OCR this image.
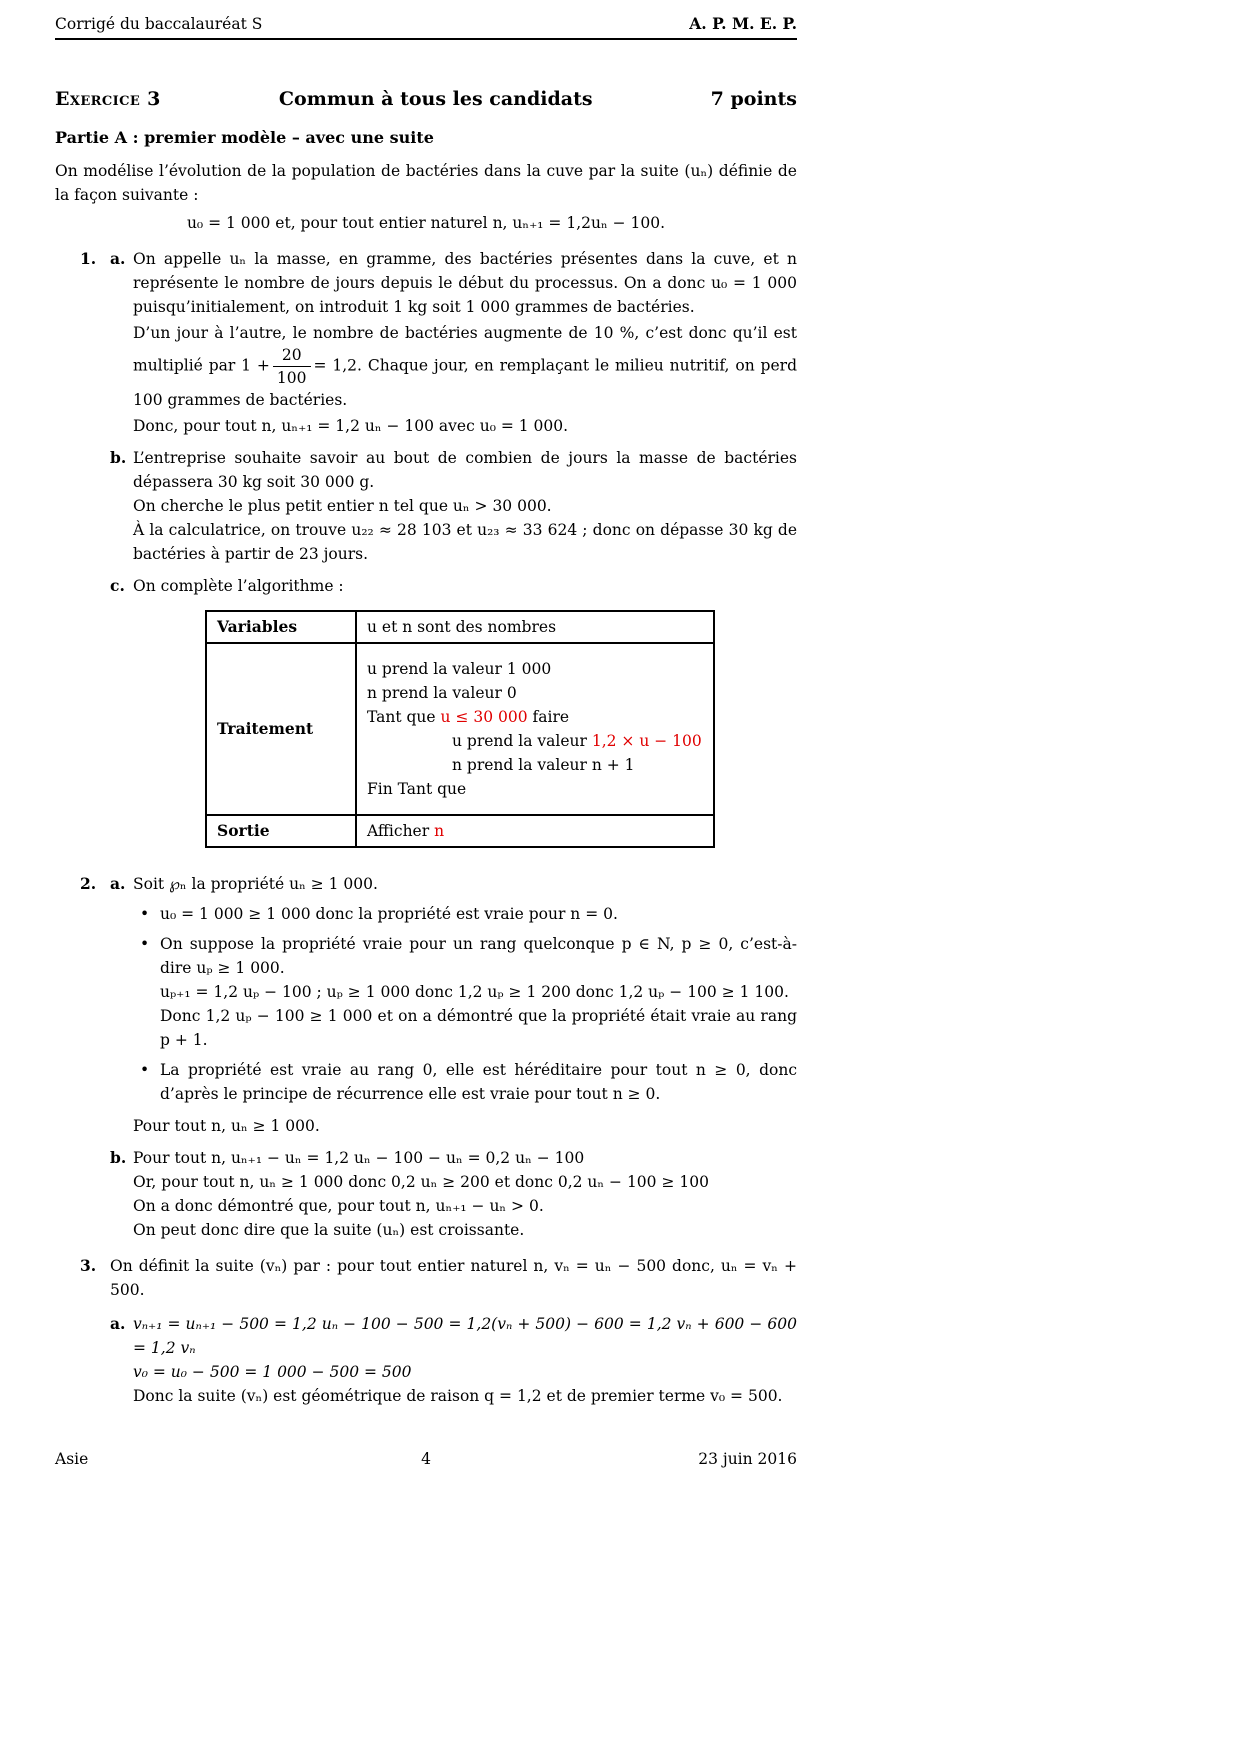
Corrigé du baccalauréat S	A. P. M. E. P.
Exercice 3	Commun à tous les candidats	7 points
Partie A : premier modèle – avec une suite

On modélise l’évolution de la population de bactéries dans la cuve par la suite (uₙ) définie de la façon suivante :

u₀ = 1 000 et, pour tout entier naturel n, uₙ₊₁ = 1,2uₙ − 100.

1. a. On appelle uₙ la masse, en gramme, des bactéries présentes dans la cuve, et n représente le nombre de jours depuis le début du processus. On a donc u₀ = 1 000 puisqu’initialement, on introduit 1 kg soit 1 000 grammes de bactéries.

D’un jour à l’autre, le nombre de bactéries augmente de 10 %, c’est donc qu’il est multiplié par $1 + \frac{20}{100} = 1,2$. Chaque jour, en remplaçant le milieu nutritif, on perd 100 grammes de bactéries.

Donc, pour tout n, uₙ₊₁ = 1,2 uₙ − 100 avec u₀ = 1 000.

b. L’entreprise souhaite savoir au bout de combien de jours la masse de bactéries dépassera 30 kg soit 30 000 g.

On cherche le plus petit entier n tel que uₙ > 30 000.

À la calculatrice, on trouve u₂₂ ≈ 28 103 et u₂₃ ≈ 33 624 ; donc on dépasse 30 kg de bactéries à partir de 23 jours.

c. On complète l’algorithme :

Variables	u et n sont des nombres
Traitement	
u prend la valeur 1 000
n prend la valeur 0
Tant que u ≤ 30 000 faire
u prend la valeur 1,2 × u − 100
n prend la valeur n + 1
Fin Tant que

Sortie	Afficher n
2. a. Soit ℘ₙ la propriété uₙ ≥ 1 000.

• u₀ = 1 000 ≥ 1 000 donc la propriété est vraie pour n = 0.

• On suppose la propriété vraie pour un rang quelconque p ∈ N, p ≥ 0, c’est-à-dire uₚ ≥ 1 000.

uₚ₊₁ = 1,2 uₚ − 100 ; uₚ ≥ 1 000 donc 1,2 uₚ ≥ 1 200 donc 1,2 uₚ − 100 ≥ 1 100.

Donc 1,2 uₚ − 100 ≥ 1 000 et on a démontré que la propriété était vraie au rang p + 1.

• La propriété est vraie au rang 0, elle est héréditaire pour tout n ≥ 0, donc d’après le principe de récurrence elle est vraie pour tout n ≥ 0.

Pour tout n, uₙ ≥ 1 000.

b. Pour tout n, uₙ₊₁ − uₙ = 1,2 uₙ − 100 − uₙ = 0,2 uₙ − 100

Or, pour tout n, uₙ ≥ 1 000 donc 0,2 uₙ ≥ 200 et donc 0,2 uₙ − 100 ≥ 100

On a donc démontré que, pour tout n, uₙ₊₁ − uₙ > 0.

On peut donc dire que la suite (uₙ) est croissante.

3. On définit la suite (vₙ) par : pour tout entier naturel n, vₙ = uₙ − 500 donc, uₙ = vₙ + 500.

a. vₙ₊₁ = uₙ₊₁ − 500 = 1,2 uₙ − 100 − 500 = 1,2(vₙ + 500) − 600 = 1,2 vₙ + 600 − 600 = 1,2 vₙ

v₀ = u₀ − 500 = 1 000 − 500 = 500

Donc la suite (vₙ) est géométrique de raison q = 1,2 et de premier terme v₀ = 500.

Asie	4	23 juin 2016
